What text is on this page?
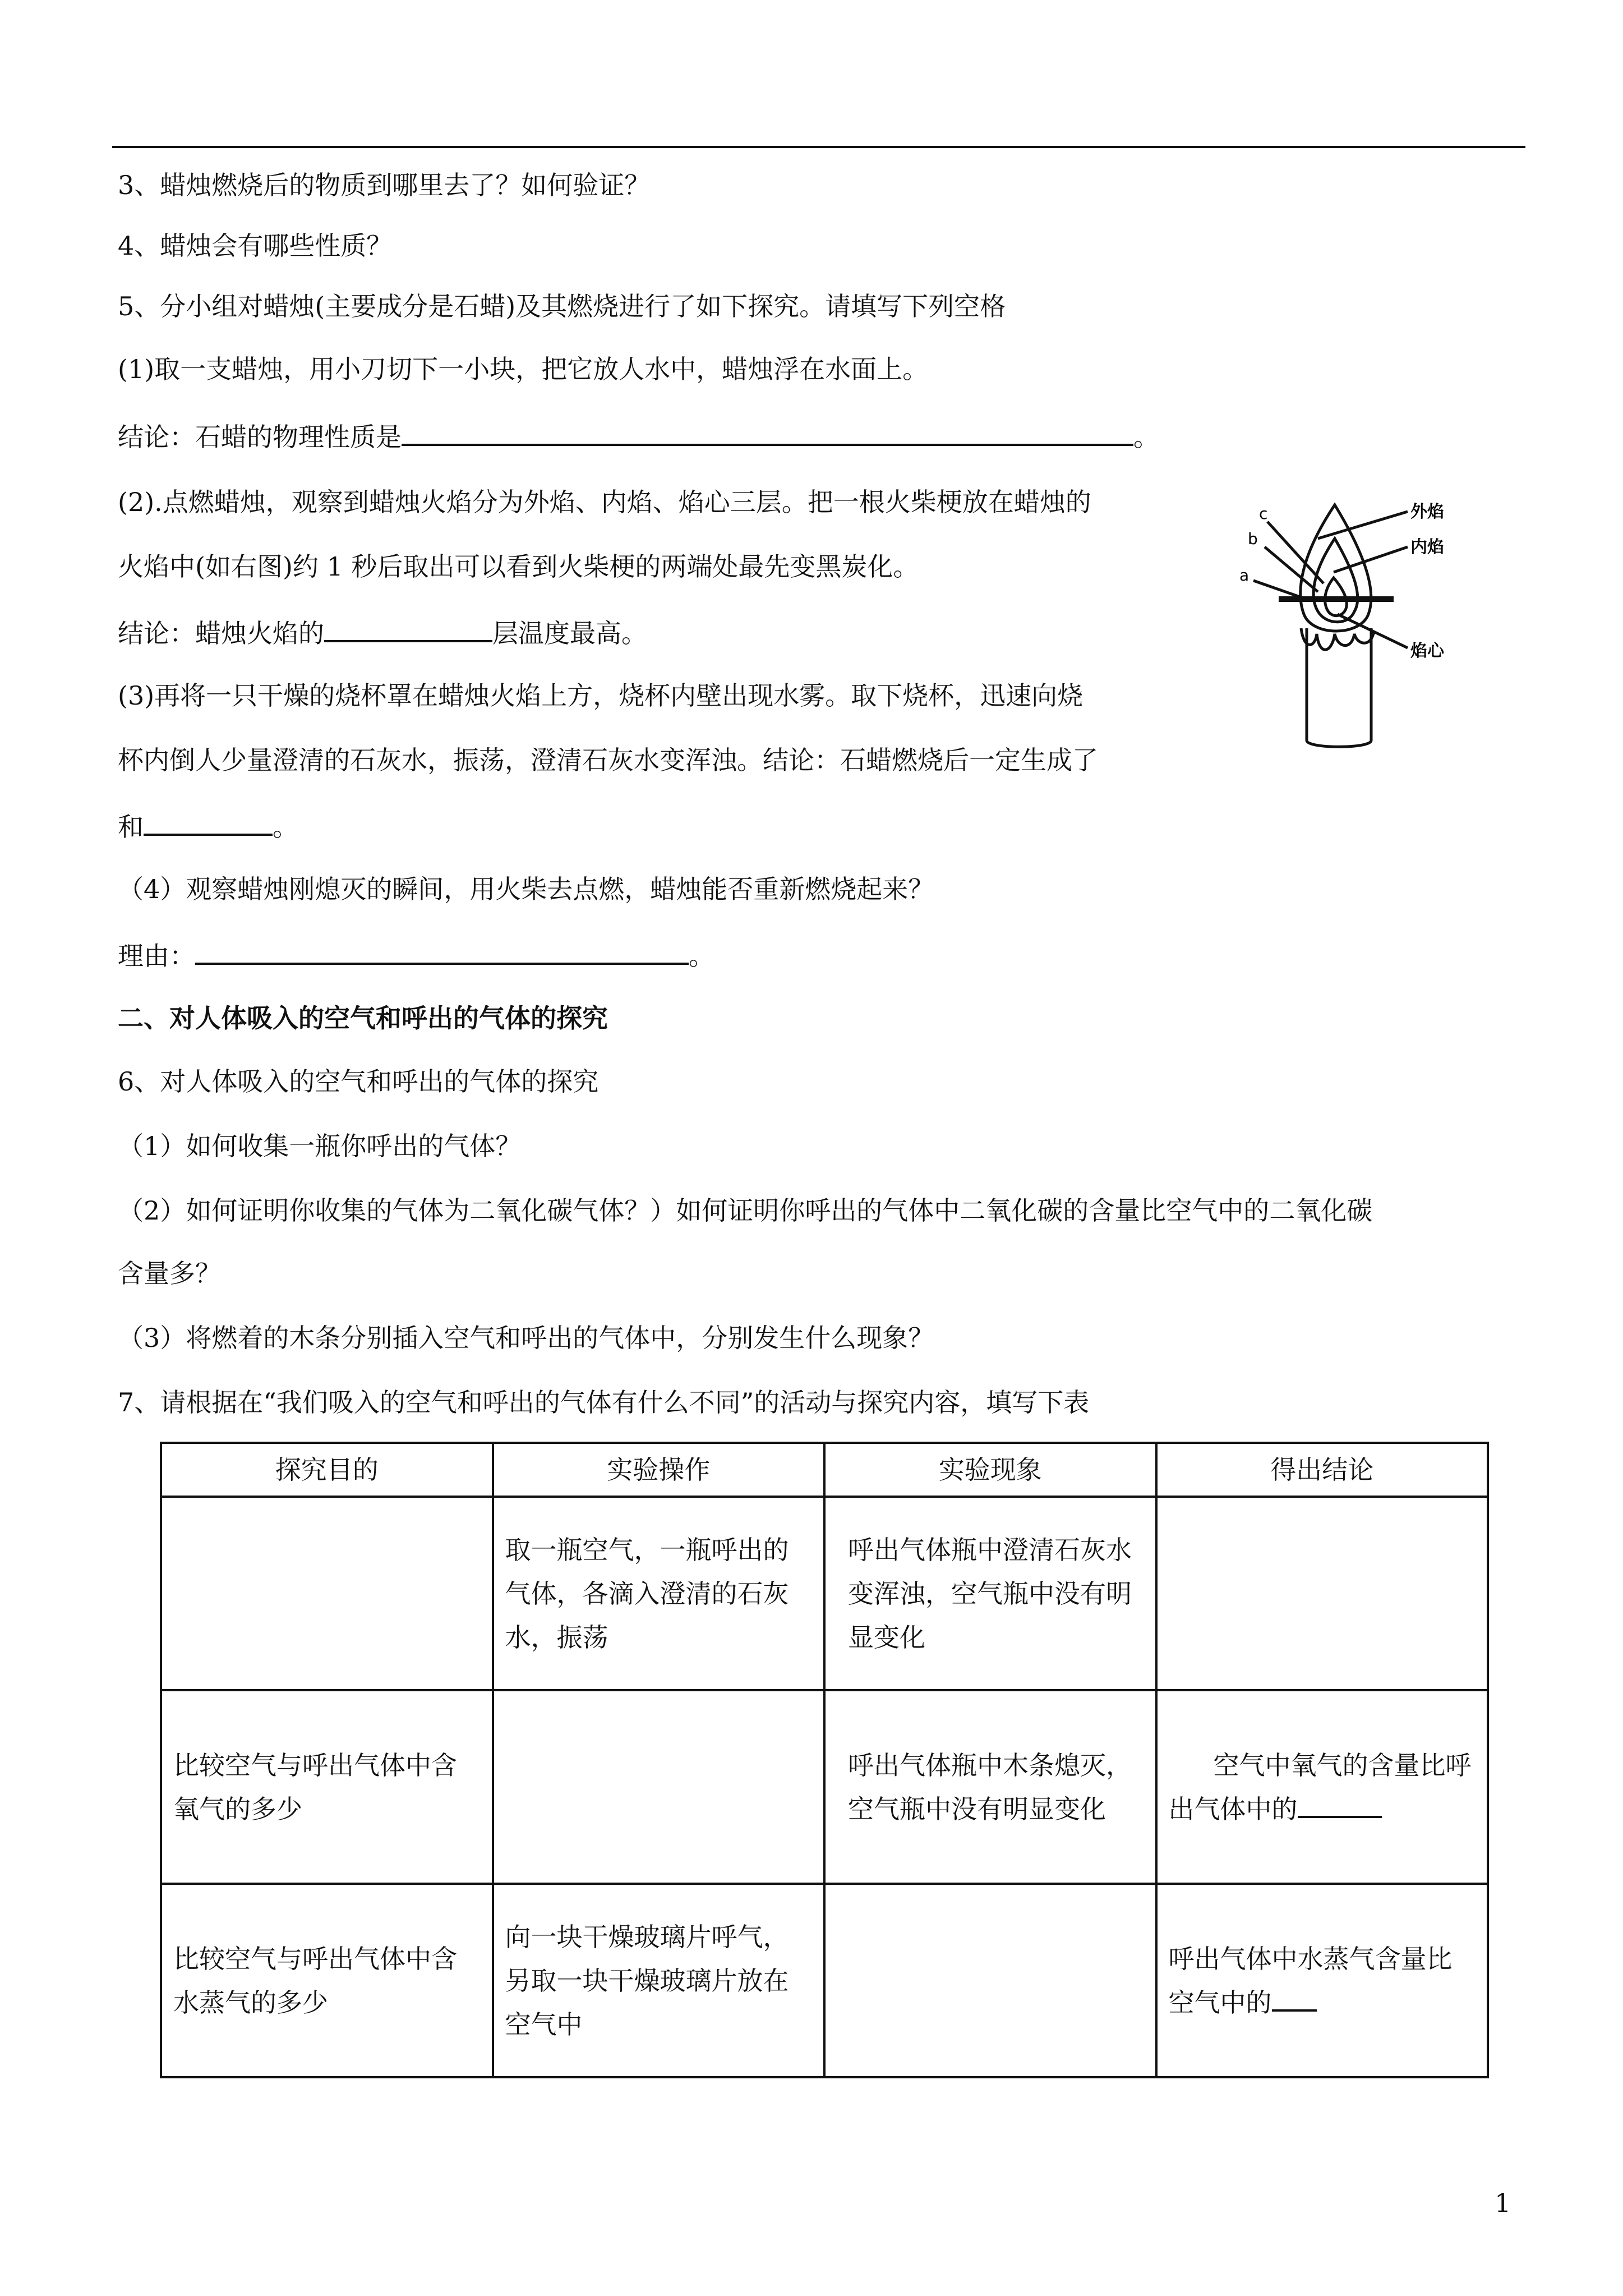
3、蜡烛燃烧后的物质到哪里去了？如何验证？
4、蜡烛会有哪些性质？
5、分小组对蜡烛(主要成分是石蜡)及其燃烧进行了如下探究。请填写下列空格
(1)取一支蜡烛，用小刀切下一小块，把它放人水中，蜡烛浮在水面上。
结论：石蜡的物理性质是	。
(2).点燃蜡烛，观察到蜡烛火焰分为外焰、内焰、焰心三层。把一根火柴梗放在蜡烛的
火焰中(如右图)约 1 秒后取出可以看到火柴梗的两端处最先变黑炭化。
结论：蜡烛火焰的	层温度最高。
(3)再将一只干燥的烧杯罩在蜡烛火焰上方，烧杯内壁出现水雾。取下烧杯，迅速向烧
杯内倒人少量澄清的石灰水，振荡，澄清石灰水变浑浊。结论：石蜡燃烧后一定生成了
和	。
（4）观察蜡烛刚熄灭的瞬间，用火柴去点燃，蜡烛能否重新燃烧起来？
理由：	。
二、对人体吸入的空气和呼出的气体的探究
6、对人体吸入的空气和呼出的气体的探究
（1）如何收集一瓶你呼出的气体？
（2）如何证明你收集的气体为二氧化碳气体？）如何证明你呼出的气体中二氧化碳的含量比空气中的二氧化碳
含量多？
（3）将燃着的木条分别插入空气和呼出的气体中，分别发生什么现象？
7、请根据在“我们吸入的空气和呼出的气体有什么不同”的活动与探究内容，填写下表
外焰
内焰
焰心
c
b
a
探究目的	实验操作	实验现象	得出结论
	取一瓶空气，一瓶呼出的气体，各滴入澄清的石灰水，振荡	呼出气体瓶中澄清石灰水变浑浊，空气瓶中没有明显变化	
比较空气与呼出气体中含氧气的多少		呼出气体瓶中木条熄灭，空气瓶中没有明显变化	空气中氧气的含量比呼出气体中的
比较空气与呼出气体中含水蒸气的多少	向一块干燥玻璃片呼气，另取一块干燥玻璃片放在空气中		呼出气体中水蒸气含量比空气中的
1
